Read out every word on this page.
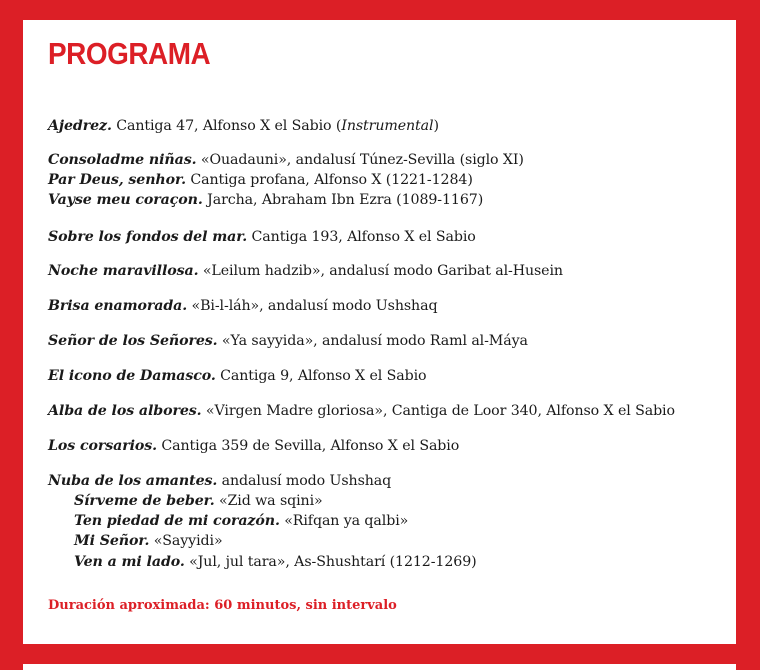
PROGRAMA

Ajedrez. Cantiga 47, Alfonso X el Sabio (Instrumental)

Consoladme niñas. «Ouadauni», andalusí Túnez-Sevilla (siglo XI)

Par Deus, senhor. Cantiga profana, Alfonso X (1221-1284)

Vayse meu coraçon. Jarcha, Abraham Ibn Ezra (1089-1167)

Sobre los fondos del mar. Cantiga 193, Alfonso X el Sabio

Noche maravillosa. «Leilum hadzib», andalusí modo Garibat al-Husein

Brisa enamorada. «Bi-l-láh», andalusí modo Ushshaq

Señor de los Señores. «Ya sayyida», andalusí modo Raml al-Máya

El icono de Damasco. Cantiga 9, Alfonso X el Sabio

Alba de los albores. «Virgen Madre gloriosa», Cantiga de Loor 340, Alfonso X el Sabio

Los corsarios. Cantiga 359 de Sevilla, Alfonso X el Sabio

Nuba de los amantes. andalusí modo Ushshaq

Sírveme de beber. «Zid wa sqini»

Ten piedad de mi corazón. «Rifqan ya qalbi»

Mi Señor. «Sayyidi»

Ven a mi lado. «Jul, jul tara», As-Shushtarí (1212-1269)

Duración aproximada: 60 minutos, sin intervalo
